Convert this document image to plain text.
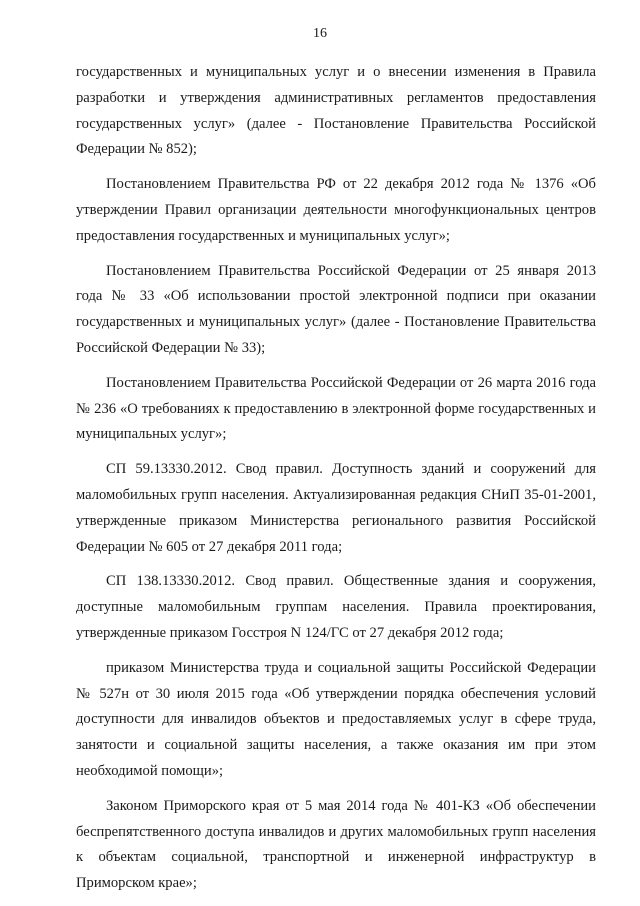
16

государственных и муниципальных услуг и о внесении изменения в Правила разработки и утверждения административных регламентов предоставления государственных услуг» (далее - Постановление Правительства Российской Федерации № 852);

Постановлением Правительства РФ от 22 декабря 2012 года № 1376 «Об утверждении Правил организации деятельности многофункциональных центров предоставления государственных и муниципальных услуг»;

Постановлением Правительства Российской Федерации от 25 января 2013 года № 33 «Об использовании простой электронной подписи при оказании государственных и муниципальных услуг» (далее - Постановление Правительства Российской Федерации № 33);

Постановлением Правительства Российской Федерации от 26 марта 2016 года № 236 «О требованиях к предоставлению в электронной форме государственных и муниципальных услуг»;

СП 59.13330.2012. Свод правил. Доступность зданий и сооружений для маломобильных групп населения. Актуализированная редакция СНиП 35-01-2001, утвержденные приказом Министерства регионального развития Российской Федерации № 605 от 27 декабря 2011 года;

СП 138.13330.2012. Свод правил. Общественные здания и сооружения, доступные маломобильным группам населения. Правила проектирования, утвержденные приказом Госстроя N 124/ГС от 27 декабря 2012 года;

приказом Министерства труда и социальной защиты Российской Федерации № 527н от 30 июля 2015 года «Об утверждении порядка обеспечения условий доступности для инвалидов объектов и предоставляемых услуг в сфере труда, занятости и социальной защиты населения, а также оказания им при этом необходимой помощи»;

Законом Приморского края от 5 мая 2014 года № 401-КЗ «Об обеспечении беспрепятственного доступа инвалидов и других маломобильных групп населения к объектам социальной, транспортной и инженерной инфраструктур в Приморском крае»;
